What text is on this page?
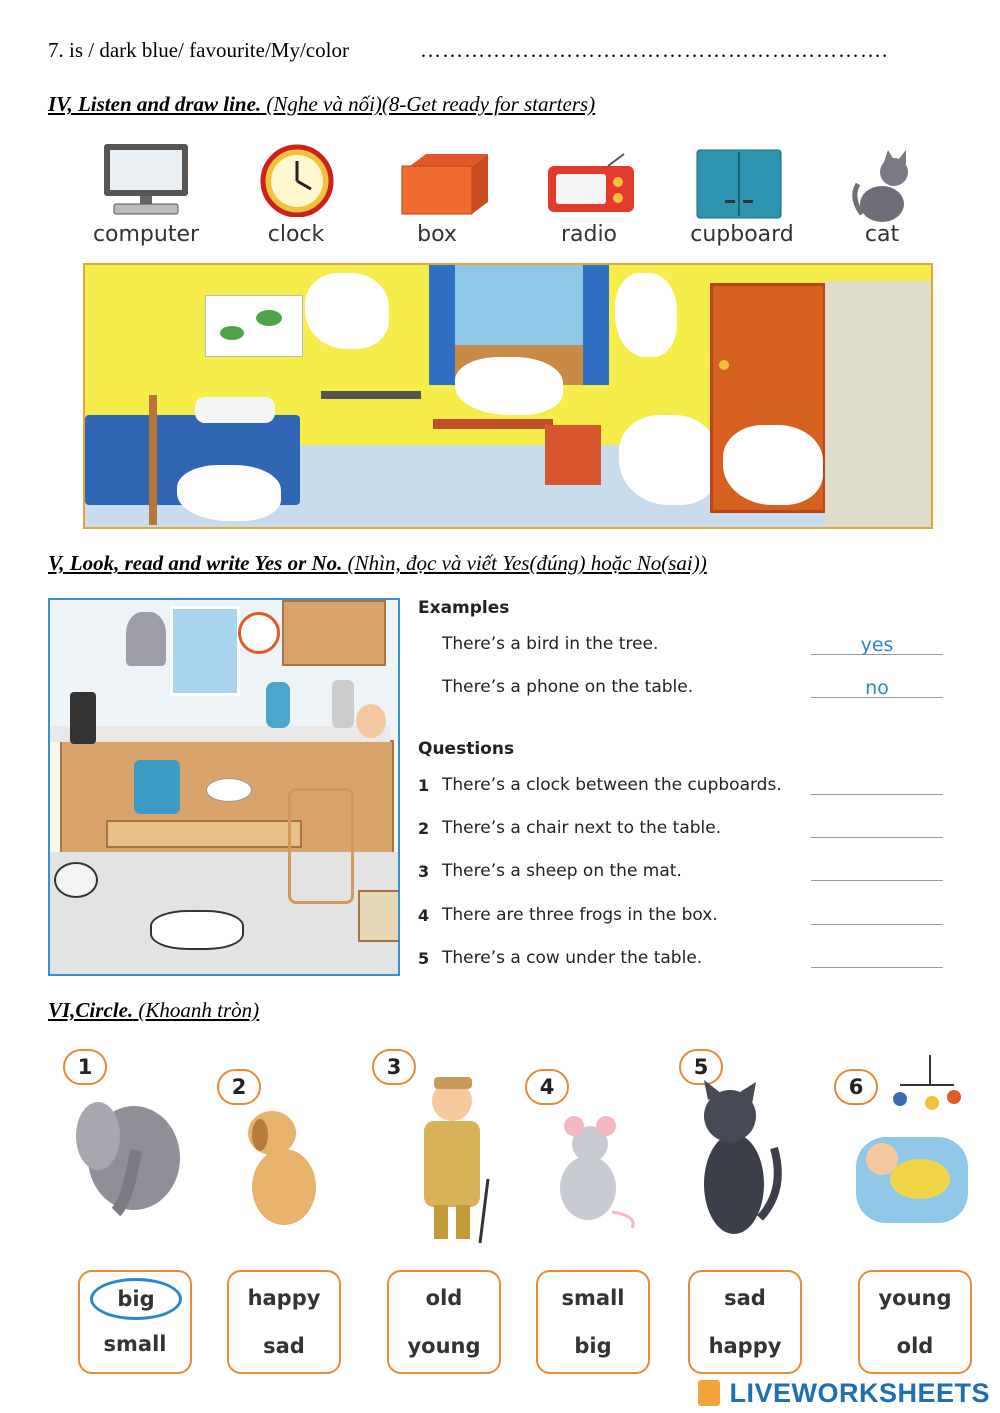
7. is / dark blue/ favourite/My/color	……………………………………………………….
IV, Listen and draw line. (Nghe và nối)(8-Get ready for starters)
computer	clock	box	radio	cupboard	cat
V, Look, read and write Yes or No. (Nhìn, đọc và viết Yes(đúng) hoặc No(sai))
Examples
There’s a bird in the tree.	yes
There’s a phone on the table.	no
Questions
1 There’s a clock between the cupboards.
2 There’s a chair next to the table.
3 There’s a sheep on the mat.
4 There are three frogs in the box.
5 There’s a cow under the table.
VI,Circle. (Khoanh tròn)
1
2
3
4
5
6
big
small
happy
sad
old
young
small
big
sad
happy
young
old
LIVEWORKSHEETS
